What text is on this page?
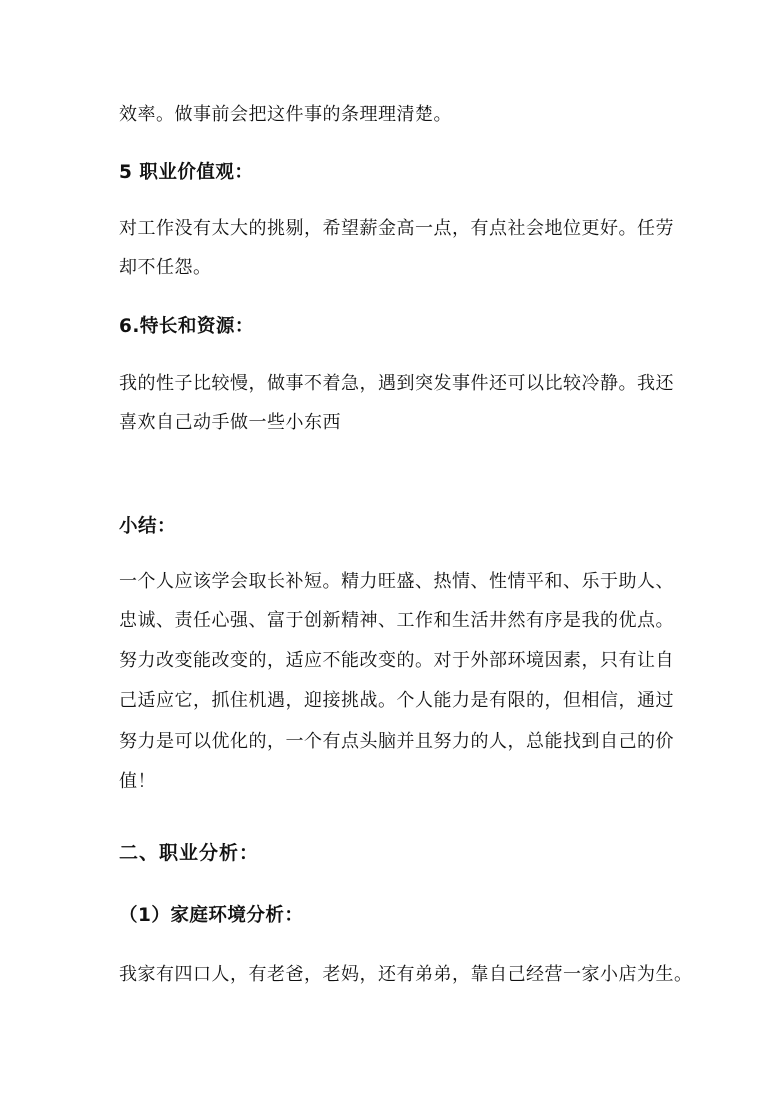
效率。做事前会把这件事的条理理清楚。
5 职业价值观：
对工作没有太大的挑剔，希望薪金高一点，有点社会地位更好。任劳
却不任怨。
6.特长和资源：
我的性子比较慢，做事不着急，遇到突发事件还可以比较冷静。我还
喜欢自己动手做一些小东西
小结：
一个人应该学会取长补短。精力旺盛、热情、性情平和、乐于助人、
忠诚、责任心强、富于创新精神、工作和生活井然有序是我的优点。
努力改变能改变的，适应不能改变的。对于外部环境因素，只有让自
己适应它，抓住机遇，迎接挑战。个人能力是有限的，但相信，通过
努力是可以优化的，一个有点头脑并且努力的人，总能找到自己的价
值！
二、职业分析：
（1）家庭环境分析：
我家有四口人，有老爸，老妈，还有弟弟，靠自己经营一家小店为生。
